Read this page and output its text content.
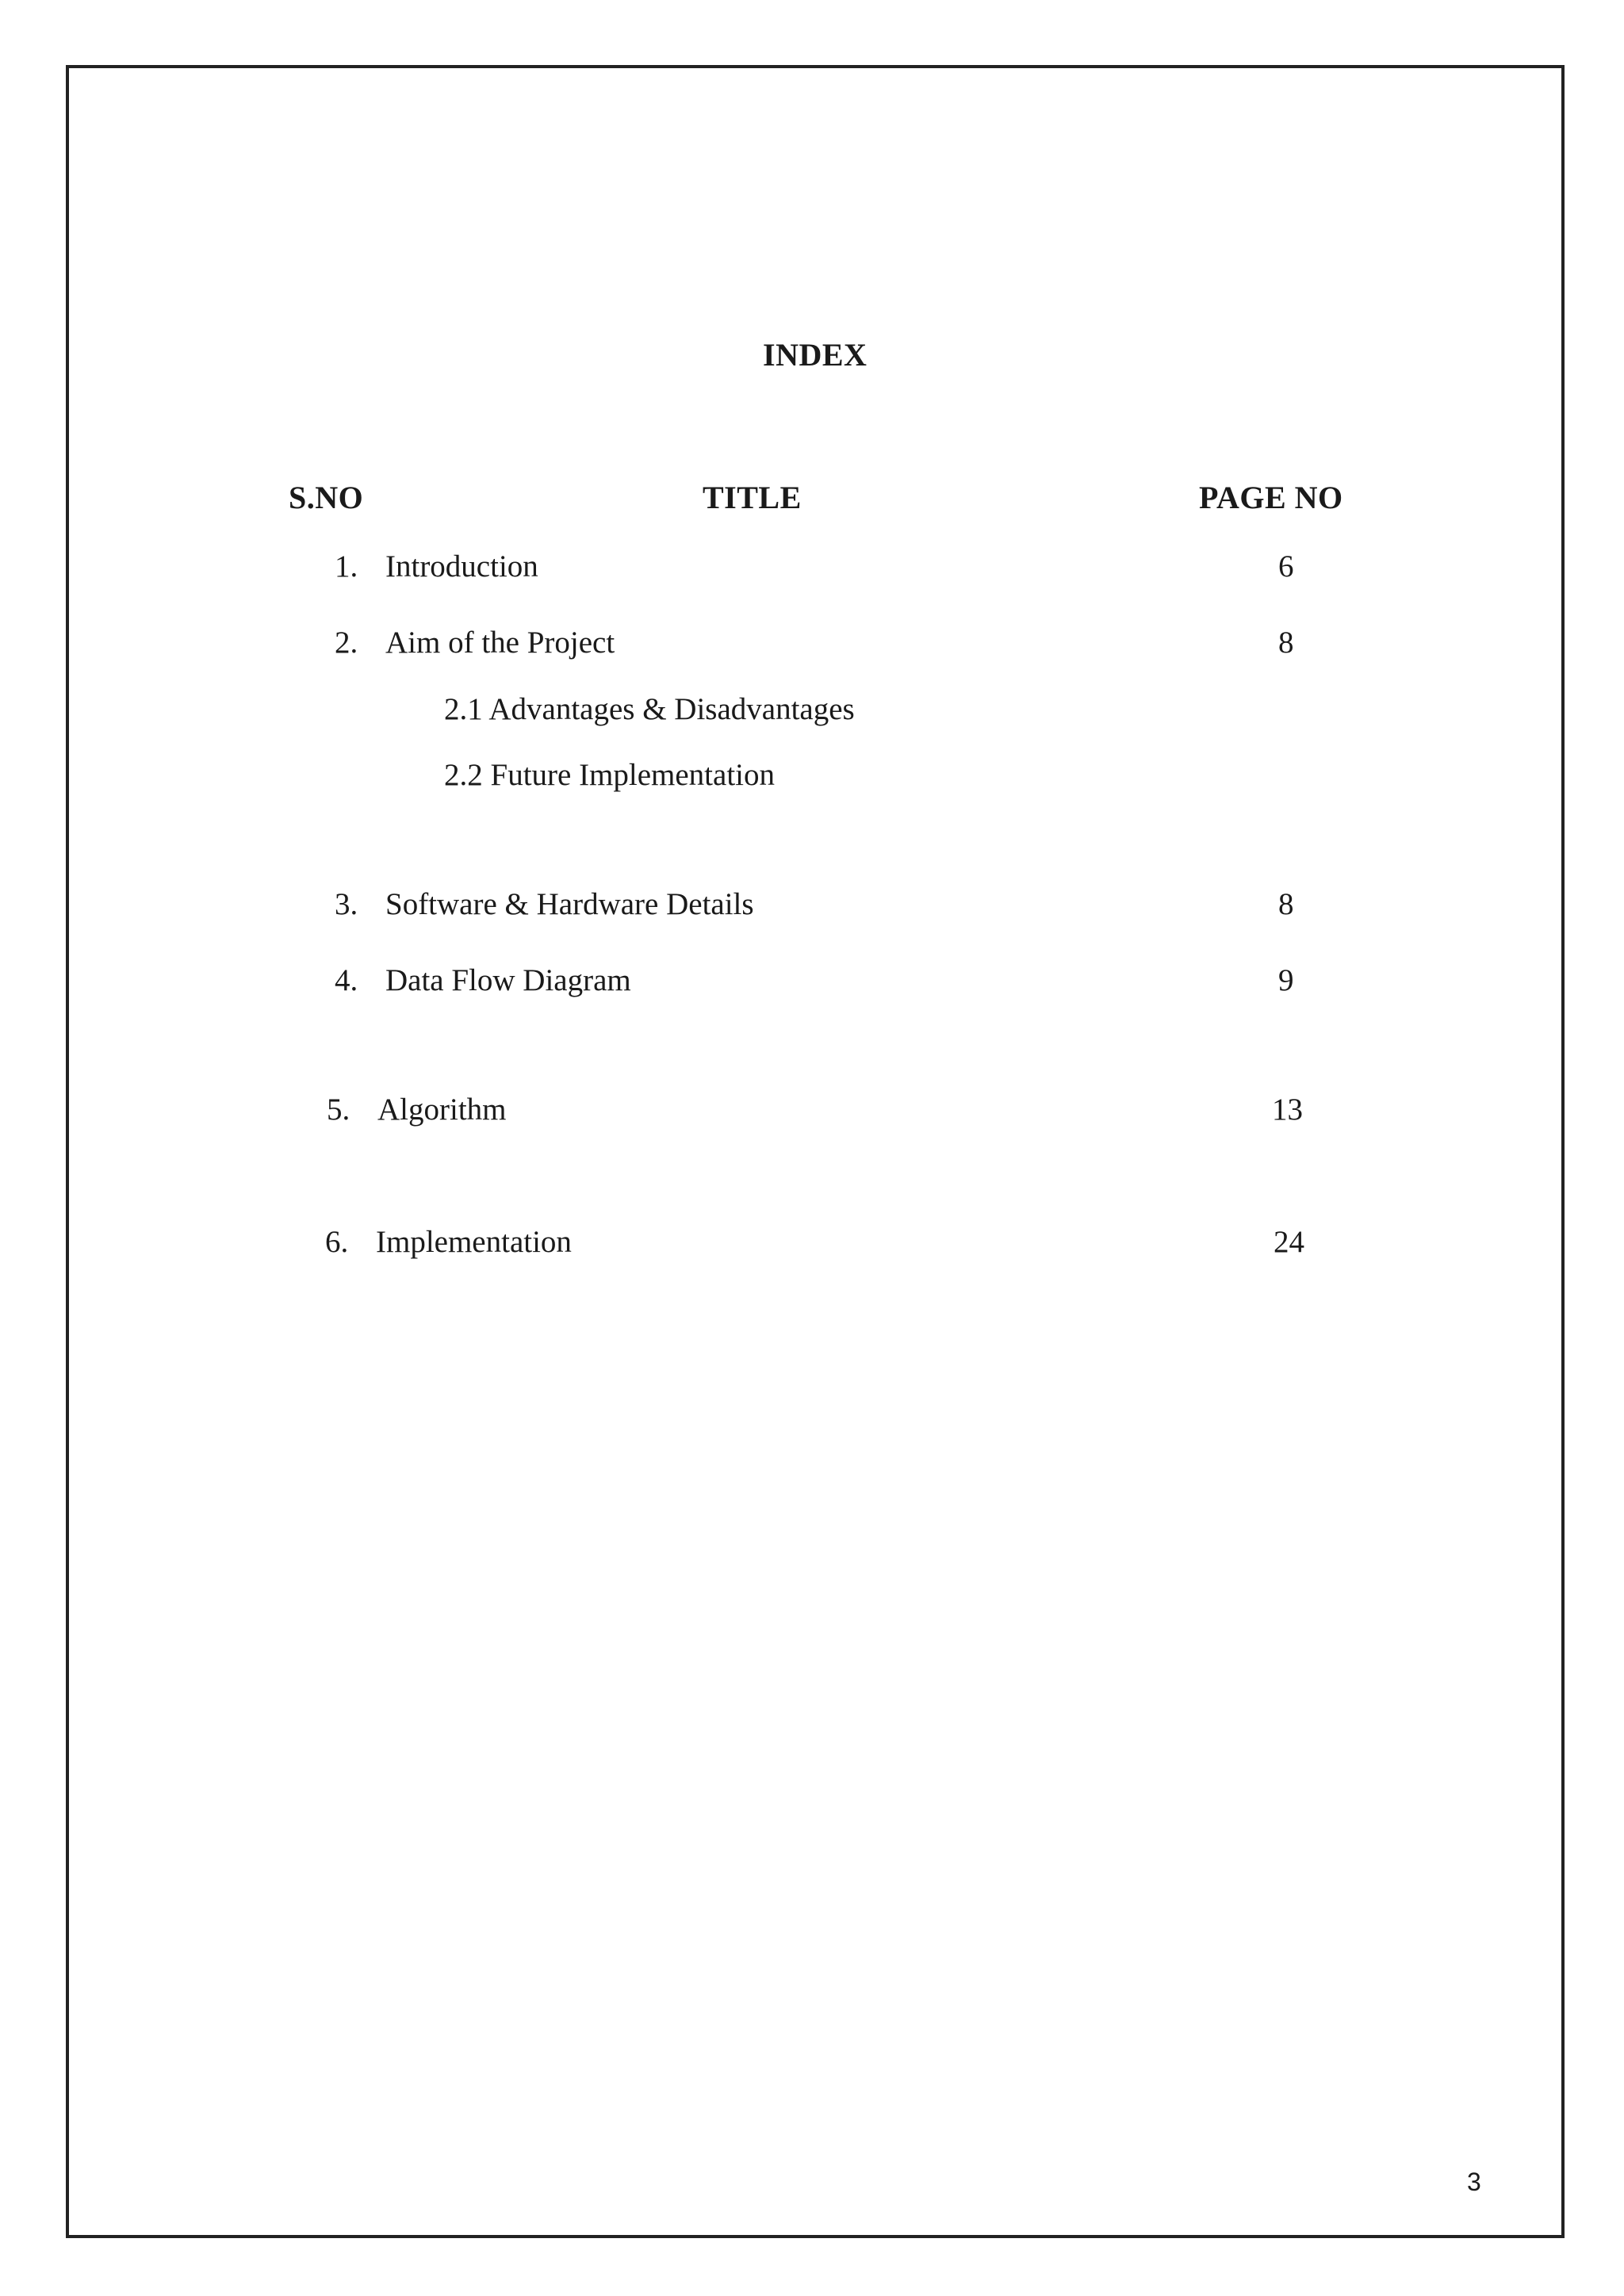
INDEX
S.NO	TITLE	PAGE NO
1. Introduction	6
2. Aim of the Project	8
2.1 Advantages & Disadvantages
2.2 Future Implementation
3. Software & Hardware Details	8
4. Data Flow Diagram	9
5. Algorithm	13
6. Implementation	24
3
